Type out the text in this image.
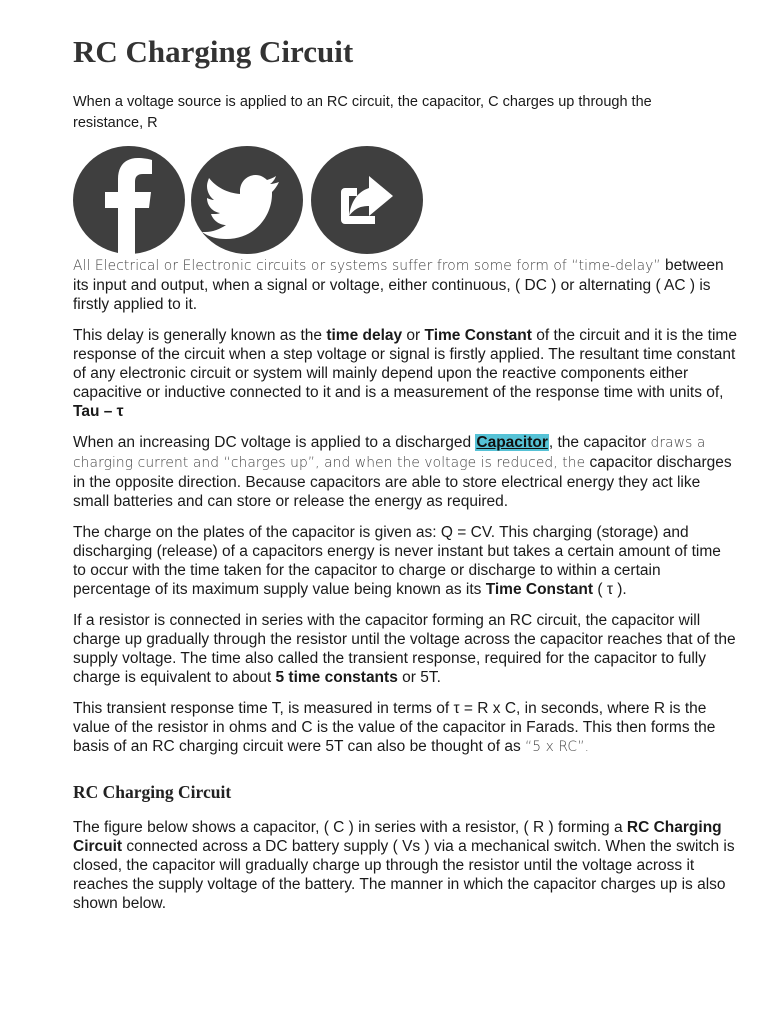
RC Charging Circuit

When a voltage source is applied to an RC circuit, the capacitor, C charges up through the resistance, R

All Electrical or Electronic circuits or systems suffer from some form of “time-delay” between its input and output, when a signal or voltage, either continuous, ( DC ) or alternating ( AC ) is firstly applied to it.

This delay is generally known as the time delay or Time Constant of the circuit and it is the time response of the circuit when a step voltage or signal is firstly applied. The resultant time constant of any electronic circuit or system will mainly depend upon the reactive components either capacitive or inductive connected to it and is a measurement of the response time with units of, Tau – τ

When an increasing DC voltage is applied to a discharged Capacitor, the capacitor draws a charging current and “charges up”, and when the voltage is reduced, the capacitor discharges in the opposite direction. Because capacitors are able to store electrical energy they act like small batteries and can store or release the energy as required.

The charge on the plates of the capacitor is given as: Q = CV. This charging (storage) and discharging (release) of a capacitors energy is never instant but takes a certain amount of time to occur with the time taken for the capacitor to charge or discharge to within a certain percentage of its maximum supply value being known as its Time Constant ( τ ).

If a resistor is connected in series with the capacitor forming an RC circuit, the capacitor will charge up gradually through the resistor until the voltage across the capacitor reaches that of the supply voltage. The time also called the transient response, required for the capacitor to fully charge is equivalent to about 5 time constants or 5T.

This transient response time T, is measured in terms of τ = R x C, in seconds, where R is the value of the resistor in ohms and C is the value of the capacitor in Farads. This then forms the basis of an RC charging circuit were 5T can also be thought of as “5 x RC”.

RC Charging Circuit

The figure below shows a capacitor, ( C ) in series with a resistor, ( R ) forming a RC Charging Circuit connected across a DC battery supply ( Vs ) via a mechanical switch. When the switch is closed, the capacitor will gradually charge up through the resistor until the voltage across it reaches the supply voltage of the battery. The manner in which the capacitor charges up is also shown below.
